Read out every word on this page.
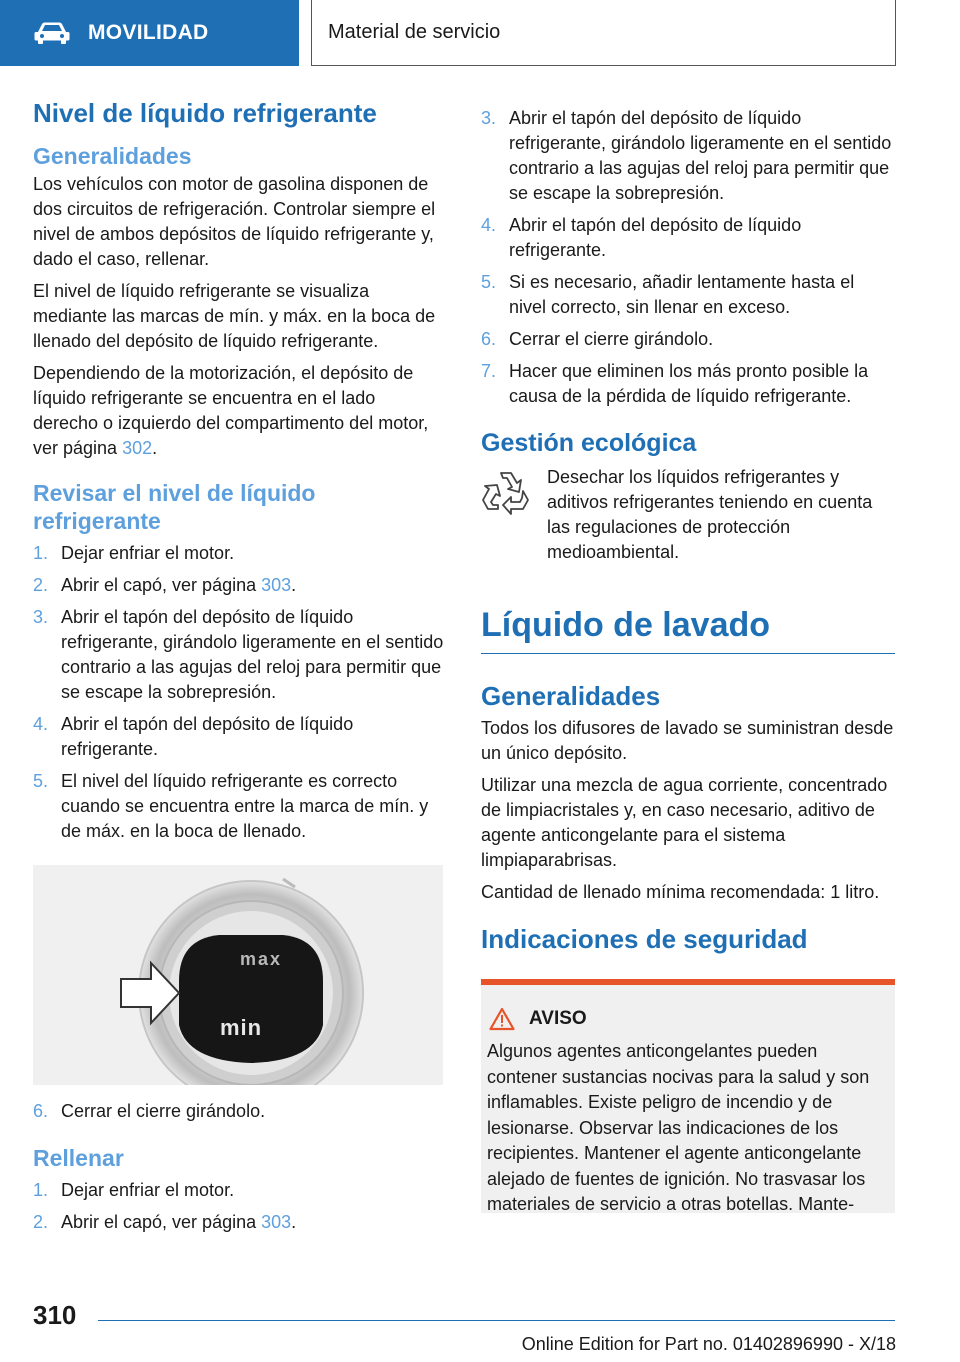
MOVILIDAD	Material de servicio
Nivel de líquido refrigerante
Generalidades

Los vehículos con motor de gasolina disponen de dos circuitos de refrigeración. Controlar siempre el nivel de ambos depósitos de líquido refrigerante y, dado el caso, rellenar.

El nivel de líquido refrigerante se visualiza mediante las marcas de mín. y máx. en la boca de llenado del depósito de líquido refrigerante.

Dependiendo de la motorización, el depósito de líquido refrigerante se encuentra en el lado derecho o izquierdo del compartimento del motor, ver página 302.

Revisar el nivel de líquido refrigerante
1. Dejar enfriar el motor.
2. Abrir el capó, ver página 303.
3. Abrir el tapón del depósito de líquido refrigerante, girándolo ligeramente en el sentido contrario a las agujas del reloj para permitir que se escape la sobrepresión.
4. Abrir el tapón del depósito de líquido refrigerante.
5. El nivel del líquido refrigerante es correcto cuando se encuentra entre la marca de mín. y de máx. en la boca de llenado.
max
min
6. Cerrar el cierre girándolo.
Rellenar
1. Dejar enfriar el motor.
2. Abrir el capó, ver página 303.
3. Abrir el tapón del depósito de líquido refrigerante, girándolo ligeramente en el sentido contrario a las agujas del reloj para permitir que se escape la sobrepresión.
4. Abrir el tapón del depósito de líquido refrigerante.
5. Si es necesario, añadir lentamente hasta el nivel correcto, sin llenar en exceso.
6. Cerrar el cierre girándolo.
7. Hacer que eliminen los más pronto posible la causa de la pérdida de líquido refrigerante.
Gestión ecológica
Desechar los líquidos refrigerantes y aditivos refrigerantes teniendo en cuenta las regulaciones de protección medioambiental.
Líquido de lavado
Generalidades

Todos los difusores de lavado se suministran desde un único depósito.

Utilizar una mezcla de agua corriente, concentrado de limpiacristales y, en caso necesario, aditivo de agente anticongelante para el sistema limpiaparabrisas.

Cantidad de llenado mínima recomendada: 1 litro.

Indicaciones de seguridad
AVISO

Algunos agentes anticongelantes pueden contener sustancias nocivas para la salud y son inflamables. Existe peligro de incendio y de lesionarse. Observar las indicaciones de los recipientes. Mantener el agente anticongelante alejado de fuentes de ignición. No trasvasar los materiales de servicio a otras botellas. Mante-

310
Online Edition for Part no. 01402896990 - X/18
